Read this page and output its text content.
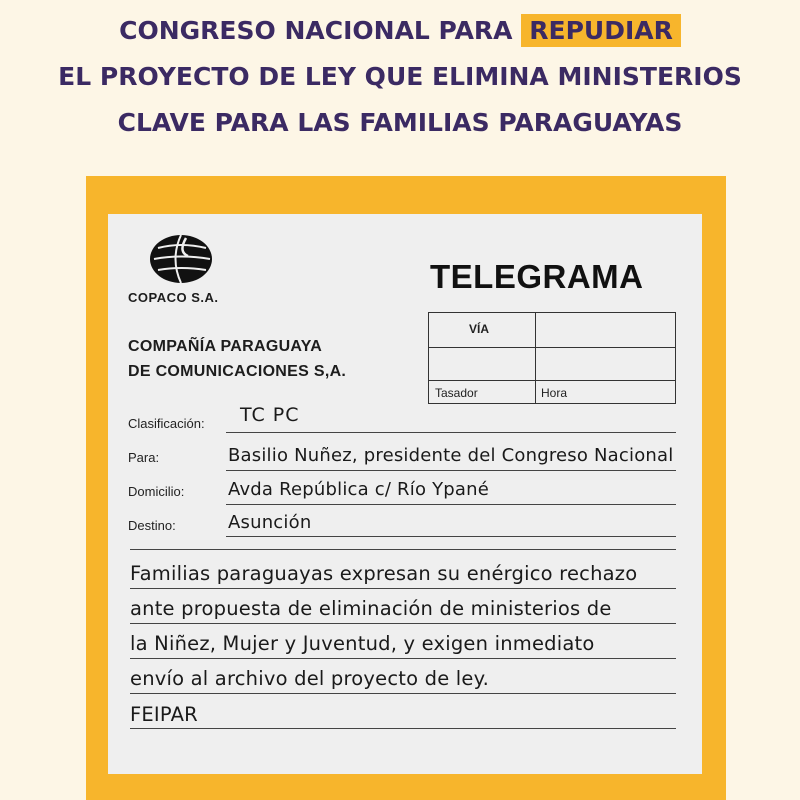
CONGRESO NACIONAL PARA REPUDIAR
EL PROYECTO DE LEY QUE ELIMINA MINISTERIOS
CLAVE PARA LAS FAMILIAS PARAGUAYAS
COPACO S.A.
COMPAÑÍA PARAGUAYA
DE COMUNICACIONES S,A.
TELEGRAMA
VÍA
Tasador	Hora
Clasificación: TC PC
Para:	Basilio Nuñez, presidente del Congreso Nacional
Domicilio: Avda República c/ Río Ypané
Destino:	Asunción
Familias paraguayas expresan su enérgico rechazo
ante propuesta de eliminación de ministerios de
la Niñez, Mujer y Juventud, y exigen inmediato
envío al archivo del proyecto de ley.
FEIPAR
